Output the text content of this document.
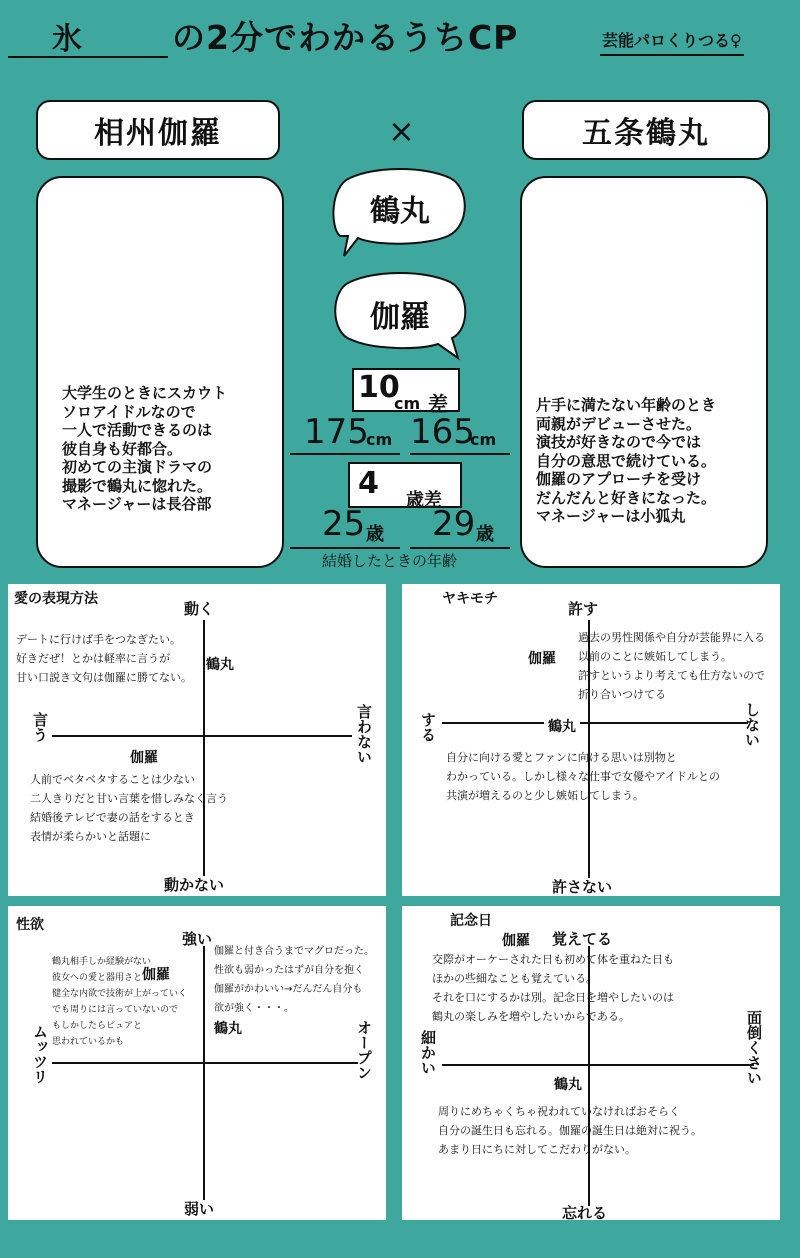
氷	の2分でわかるうちCP	芸能パロくりつる♀
相州伽羅	×	五条鶴丸
鶴丸
伽羅
大学生のときにスカウト
ソロアイドルなので
一人で活動できるのは
彼自身も好都合。
初めての主演ドラマの
撮影で鶴丸に惚れた。
マネージャーは長谷部
片手に満たない年齢のとき
両親がデビューさせた。
演技が好きなので今では
自分の意思で続けている。
伽羅のアプローチを受け
だんだんと好きになった。
マネージャーは小狐丸
10
cm 差
175
cm 165
cm
4 歳差
25 歳 29 歳
結婚したときの年齢
愛の表現方法
動く
動かない
言う	言わない
鶴丸
伽羅
デートに行けば手をつなぎたい。
好きだぜ！とかは軽率に言うが
甘い口説き文句は伽羅に勝てない。
人前でベタベタすることは少ない
二人きりだと甘い言葉を惜しみなく言う
結婚後テレビで妻の話をするとき
表情が柔らかいと話題に
ヤキモチ
許す
許さない
する	しない
伽羅
鶴丸
過去の男性関係や自分が芸能界に入る
以前のことに嫉妬してしまう。
許すというより考えても仕方ないので
折り合いつけてる
自分に向ける愛とファンに向ける思いは別物と
わかっている。しかし様々な仕事で女優やアイドルとの
共演が増えるのと少し嫉妬してしまう。
性欲
強い
弱い
ムッツリ	オープン
伽羅
鶴丸
鶴丸相手しか経験がない
彼女への愛と器用さと
健全な内欲で技術が上がっていく
でも周りには言っていないので
もしかしたらピュアと
思われているかも
伽羅と付き合うまでマグロだった。
性欲も弱かったはずが自分を抱く
伽羅がかわいい→だんだん自分も
欲が強く・・・。
記念日
伽羅 覚えてる
忘れる
細かい	面倒くさい
鶴丸
交際がオーケーされた日も初めて体を重ねた日も
ほかの些細なことも覚えている。
それを口にするかは別。記念日を増やしたいのは
鶴丸の楽しみを増やしたいからである。
周りにめちゃくちゃ祝われていなければおそらく
自分の誕生日も忘れる。伽羅の誕生日は絶対に祝う。
あまり日にちに対してこだわりがない。
